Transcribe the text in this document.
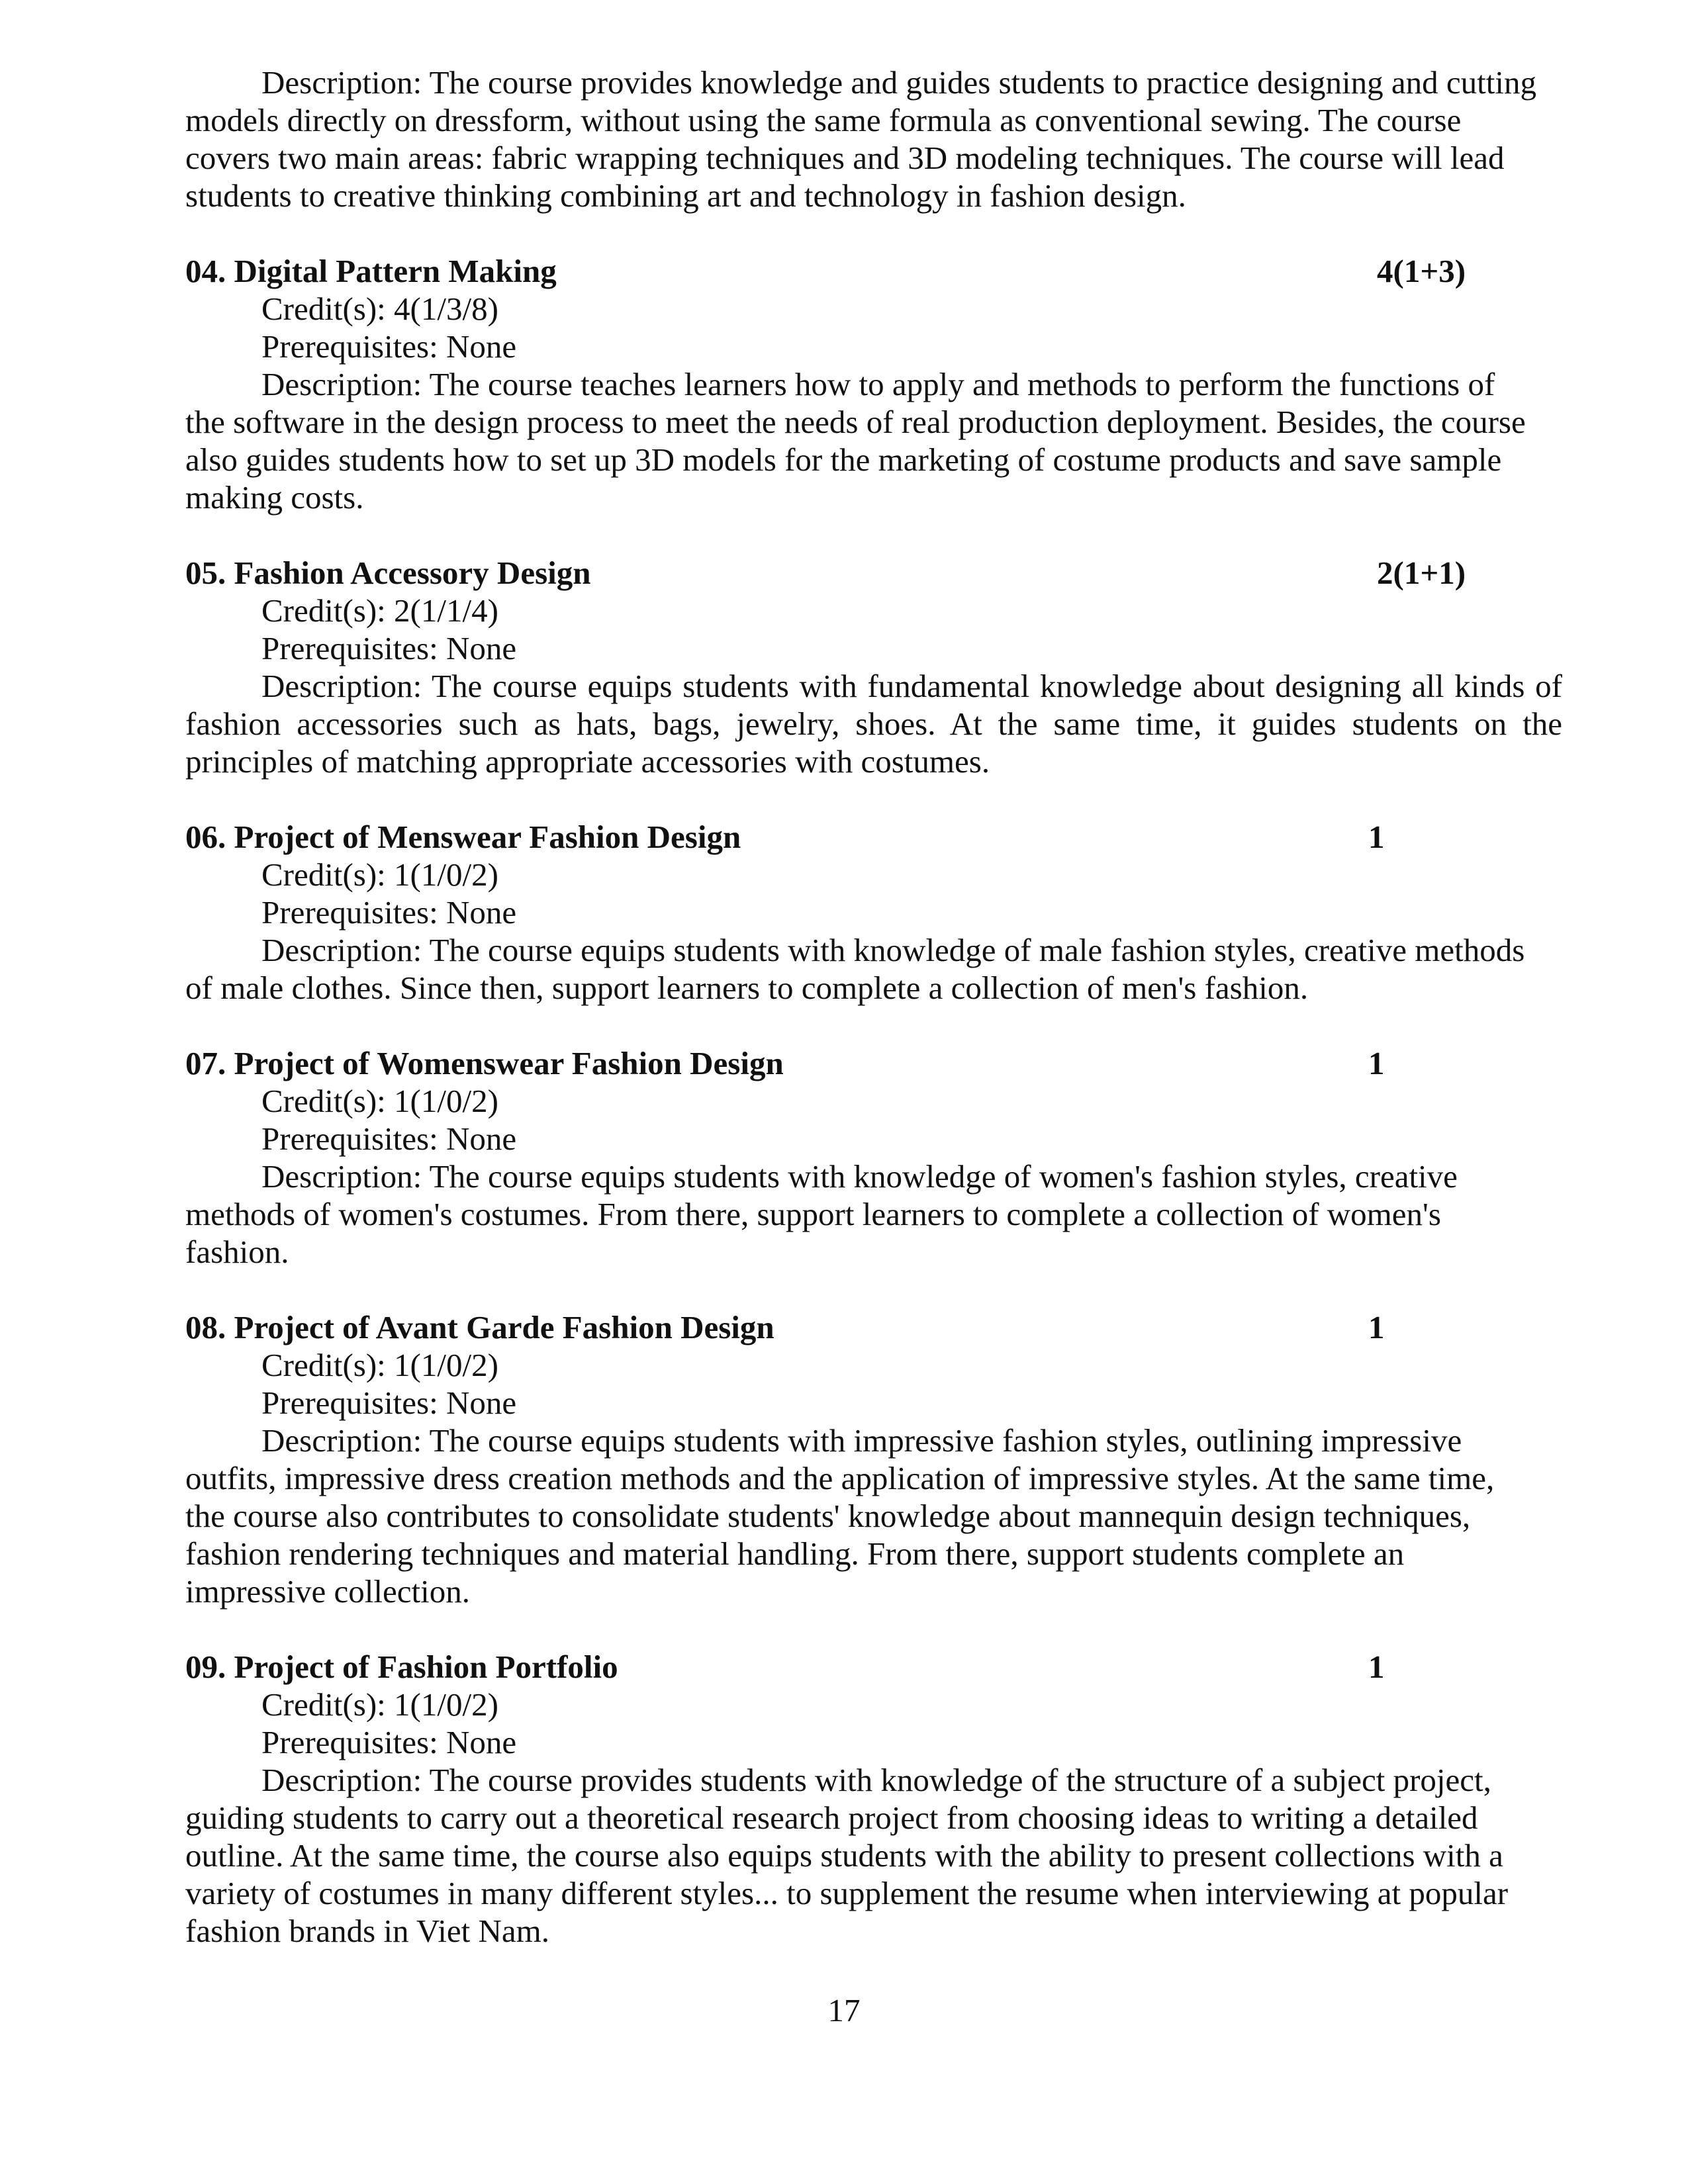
Description: The course provides knowledge and guides students to practice designing and cutting models directly on dressform, without using the same formula as conventional sewing. The course covers two main areas: fabric wrapping techniques and 3D modeling techniques. The course will lead students to creative thinking combining art and technology in fashion design.

04. Digital Pattern Making	4(1+3)

Credit(s): 4(1/3/8)

Prerequisites: None

Description: The course teaches learners how to apply and methods to perform the functions of the software in the design process to meet the needs of real production deployment. Besides, the course also guides students how to set up 3D models for the marketing of costume products and save sample making costs.

05. Fashion Accessory Design	2(1+1)

Credit(s): 2(1/1/4)

Prerequisites: None

Description: The course equips students with fundamental knowledge about designing all kinds of fashion accessories such as hats, bags, jewelry, shoes. At the same time, it guides students on the principles of matching appropriate accessories with costumes.

06. Project of Menswear Fashion Design	1

Credit(s): 1(1/0/2)

Prerequisites: None

Description: The course equips students with knowledge of male fashion styles, creative methods of male clothes. Since then, support learners to complete a collection of men's fashion.

07. Project of Womenswear Fashion Design	1

Credit(s): 1(1/0/2)

Prerequisites: None

Description: The course equips students with knowledge of women's fashion styles, creative methods of women's costumes. From there, support learners to complete a collection of women's fashion.

08. Project of Avant Garde Fashion Design	1

Credit(s): 1(1/0/2)

Prerequisites: None

Description: The course equips students with impressive fashion styles, outlining impressive outfits, impressive dress creation methods and the application of impressive styles. At the same time, the course also contributes to consolidate students' knowledge about mannequin design techniques, fashion rendering techniques and material handling. From there, support students complete an impressive collection.

09. Project of Fashion Portfolio	1

Credit(s): 1(1/0/2)

Prerequisites: None

Description: The course provides students with knowledge of the structure of a subject project, guiding students to carry out a theoretical research project from choosing ideas to writing a detailed outline. At the same time, the course also equips students with the ability to present collections with a variety of costumes in many different styles... to supplement the resume when interviewing at popular fashion brands in Viet Nam.

17
